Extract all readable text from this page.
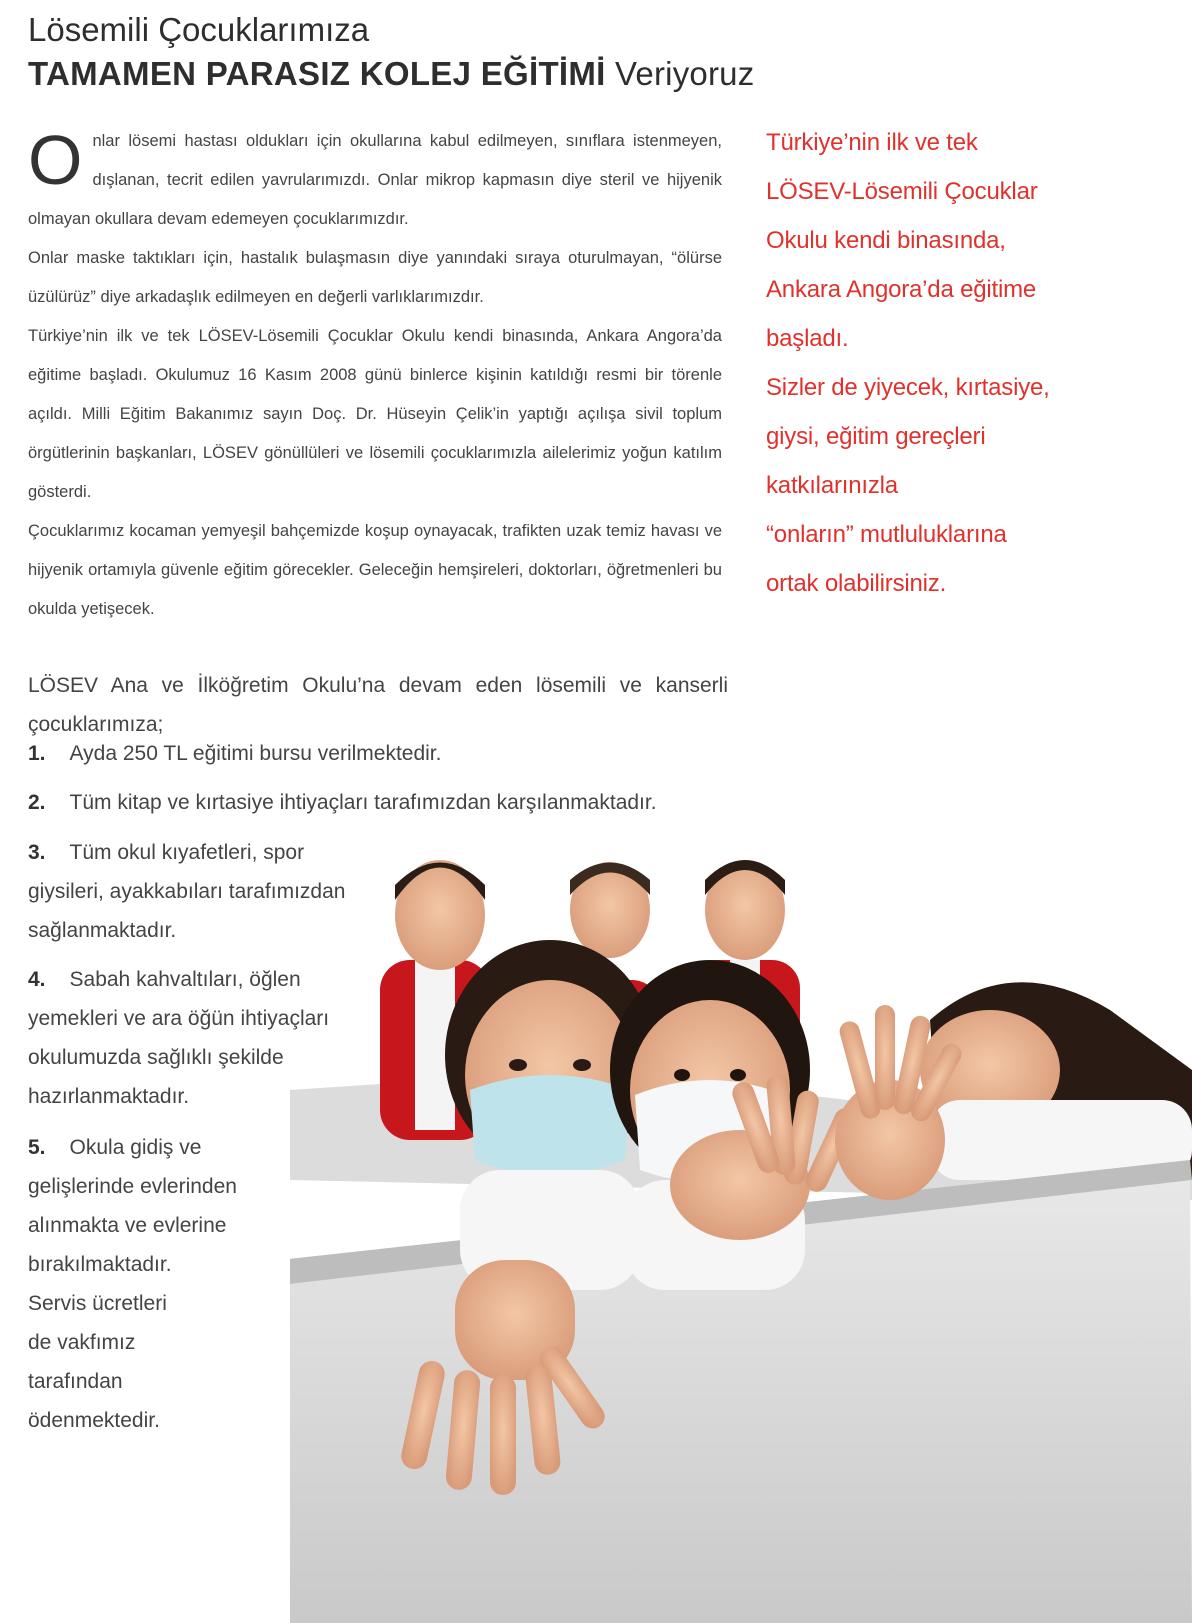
Lösemili Çocuklarımıza
TAMAMEN PARASIZ KOLEJ EĞİTİMİ Veriyoruz

Onlar lösemi hastası oldukları için okullarına kabul edilmeyen, sınıflara istenmeyen, dışlanan, tecrit edilen yavrularımızdı. Onlar mikrop kapmasın diye steril ve hijyenik olmayan okullara devam edemeyen çocuklarımızdır.

Onlar maske taktıkları için, hastalık bulaşmasın diye yanındaki sıraya oturulmayan, “ölürse üzülürüz” diye arkadaşlık edilmeyen en değerli varlıklarımızdır.

Türkiye’nin ilk ve tek LÖSEV-Lösemili Çocuklar Okulu kendi binasında, Ankara Angora’da eğitime başladı. Okulumuz 16 Kasım 2008 günü binlerce kişinin katıldığı resmi bir törenle açıldı. Milli Eğitim Bakanımız sayın Doç. Dr. Hüseyin Çelik’in yaptığı açılışa sivil toplum örgütlerinin başkanları, LÖSEV gönüllüleri ve lösemili çocuklarımızla ailelerimiz yoğun katılım gösterdi.

Çocuklarımız kocaman yemyeşil bahçemizde koşup oynayacak, trafikten uzak temiz havası ve hijyenik ortamıyla güvenle eğitim görecekler. Geleceğin hemşireleri, doktorları, öğretmenleri bu okulda yetişecek.

Türkiye’nin ilk ve tek
LÖSEV-Lösemili Çocuklar
Okulu kendi binasında,
Ankara Angora’da eğitime
başladı.
Sizler de yiyecek, kırtasiye,
giysi, eğitim gereçleri
katkılarınızla
“onların” mutluluklarına
ortak olabilirsiniz.
LÖSEV Ana ve İlköğretim Okulu’na devam eden lösemili ve kanserli çocuklarımıza;
1. Ayda 250 TL eğitimi bursu verilmektedir.
2. Tüm kitap ve kırtasiye ihtiyaçları tarafımızdan karşılanmaktadır.
3. Tüm okul kıyafetleri, spor
giysileri, ayakkabıları tarafımızdan
sağlanmaktadır.
4. Sabah kahvaltıları, öğlen
yemekleri ve ara öğün ihtiyaçları
okulumuzda sağlıklı şekilde
hazırlanmaktadır.
5. Okula gidiş ve
gelişlerinde evlerinden
alınmakta ve evlerine
bırakılmaktadır.
Servis ücretleri
de vakfımız
tarafından
ödenmektedir.
